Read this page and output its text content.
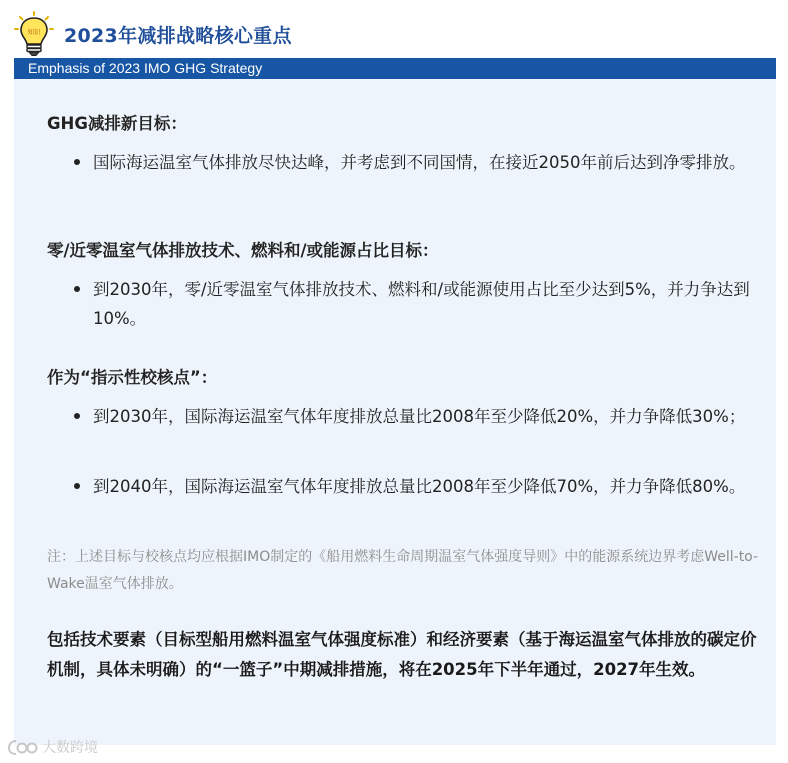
知识 2023年减排战略核心重点
Emphasis of 2023 IMO GHG Strategy
GHG减排新目标：
国际海运温室气体排放尽快达峰，并考虑到不同国情，在接近2050年前后达到净零排放。
零/近零温室气体排放技术、燃料和/或能源占比目标：
到2030年，零/近零温室气体排放技术、燃料和/或能源使用占比至少达到5%，并力争达到10%。
作为“指示性校核点”：
到2030年，国际海运温室气体年度排放总量比2008年至少降低20%，并力争降低30%；
到2040年，国际海运温室气体年度排放总量比2008年至少降低70%，并力争降低80%。
注：上述目标与校核点均应根据IMO制定的《船用燃料生命周期温室气体强度导则》中的能源系统边界考虑Well-to-Wake温室气体排放。
包括技术要素（目标型船用燃料温室气体强度标准）和经济要素（基于海运温室气体排放的碳定价机制，具体未明确）的“一篮子”中期减排措施，将在2025年下半年通过，2027年生效。
大数跨境
